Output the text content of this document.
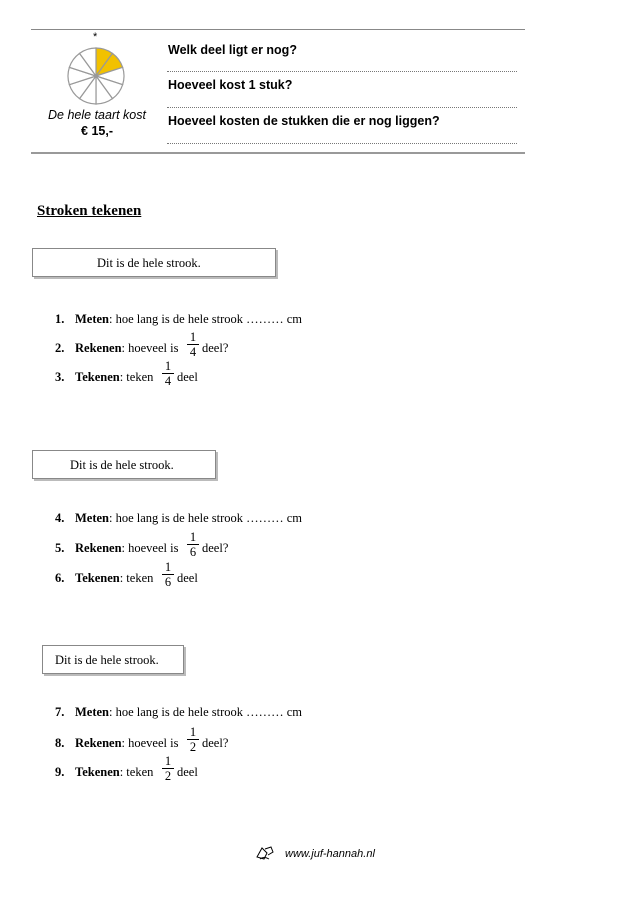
*
De hele taart kost
€ 15,-
Welk deel ligt er nog?
Hoeveel kost 1 stuk?
Hoeveel kosten de stukken die er nog liggen?
Stroken tekenen
Dit is de hele strook.
1. Meten: hoe lang is de hele strook ……… cm
2. Rekenen: hoeveel is
1
4 deel?
3. Tekenen: teken
1
4 deel
Dit is de hele strook.
4. Meten: hoe lang is de hele strook ……… cm
5. Rekenen: hoeveel is
1
6 deel?
6. Tekenen: teken
1
6 deel
Dit is de hele strook.
7. Meten: hoe lang is de hele strook ……… cm
8. Rekenen: hoeveel is
1
2 deel?
9. Tekenen: teken
1
2 deel
www.juf-hannah.nl
